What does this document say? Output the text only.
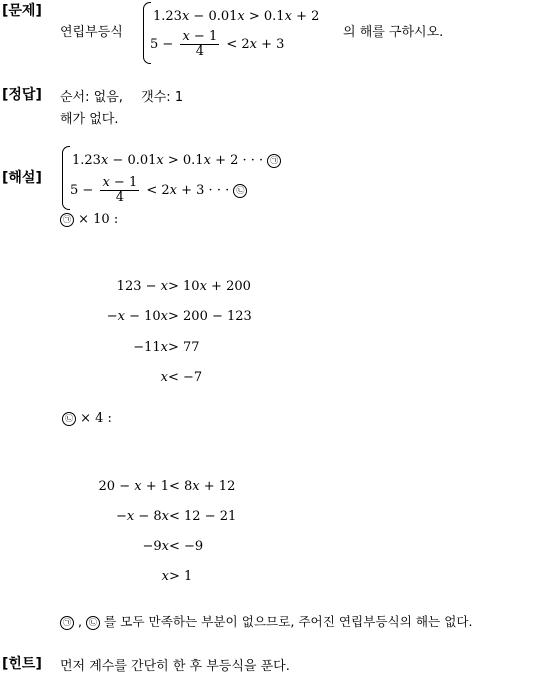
[문제]
연립부등식
1.23x − 0.01x > 0.1x + 2
$5 - \frac{x - 1}{4} < 2x + 3$
의 해를 구하시오.
[정답] 순서: 없음, 갯수: 1
해가 없다.
[해설]
1.23x − 0.01x > 0.1x + 2 · · · ㉠
$5 - \frac{x - 1}{4} < 2x + 3$ · · · ㉡
㉠ × 10 :
123 − x > 10x + 200
−x − 10x > 200 − 123
−11x > 77
x < −7
㉡ × 4 :
20 − x + 1 < 8x + 12
−x − 8x < 12 − 21
−9x < −9
x > 1
㉠ , ㉡ 를 모두 만족하는 부분이 없으므로, 주어진 연립부등식의 해는 없다.
[힌트] 먼저 계수를 간단히 한 후 부등식을 푼다.
